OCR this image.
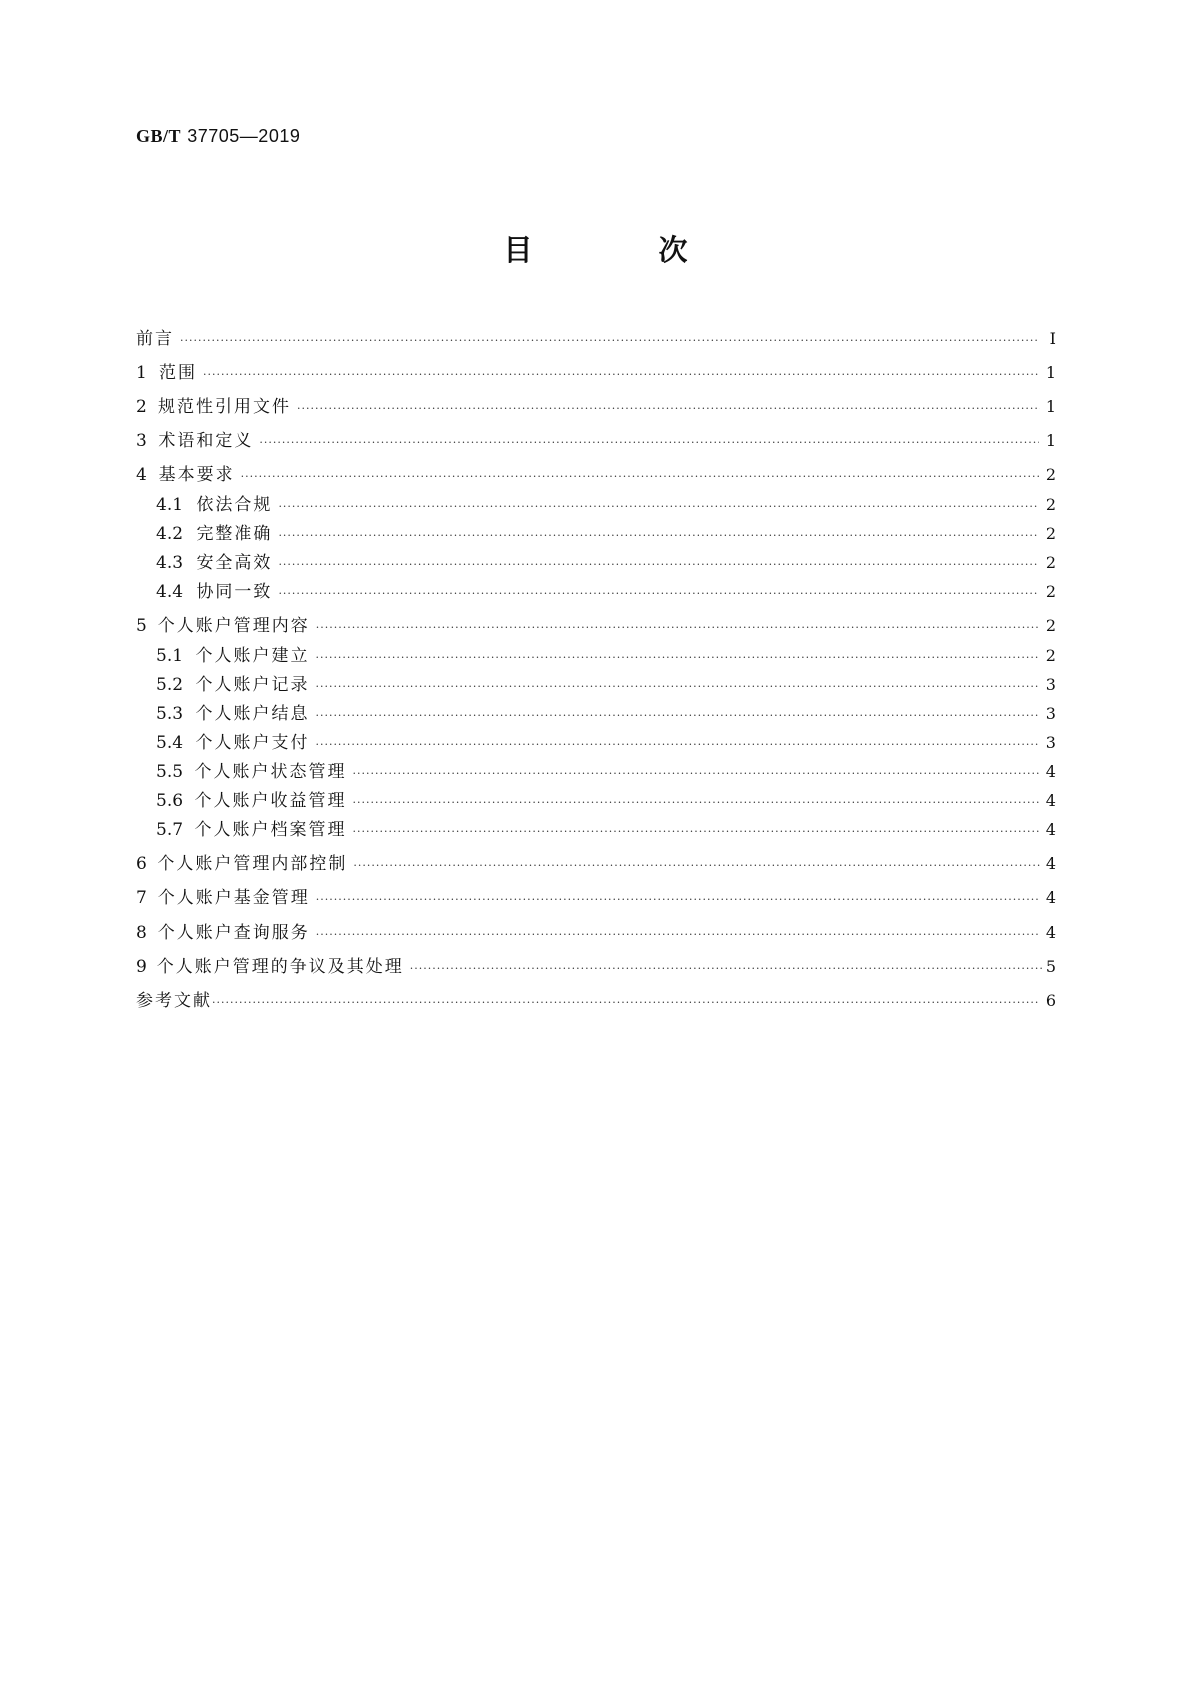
GB/T 37705—2019
目 次
前言 ·····	Ⅰ
1 范围 ·····	1
2 规范性引用文件 ·····	1
3 术语和定义 ·····	1
4 基本要求 ·····	2
4.1 依法合规 ·····	2
4.2 完整准确 ·····	2
4.3 安全高效 ·····	2
4.4 协同一致 ·····	2
5 个人账户管理内容 ·····	2
5.1 个人账户建立 ·····	2
5.2 个人账户记录 ·····	3
5.3 个人账户结息 ·····	3
5.4 个人账户支付 ·····	3
5.5 个人账户状态管理 ·····	4
5.6 个人账户收益管理 ·····	4
5.7 个人账户档案管理 ·····	4
6 个人账户管理内部控制 ·····	4
7 个人账户基金管理 ·····	4
8 个人账户查询服务 ·····	4
9 个人账户管理的争议及其处理 ·····	5
参考文献 ·····	6
